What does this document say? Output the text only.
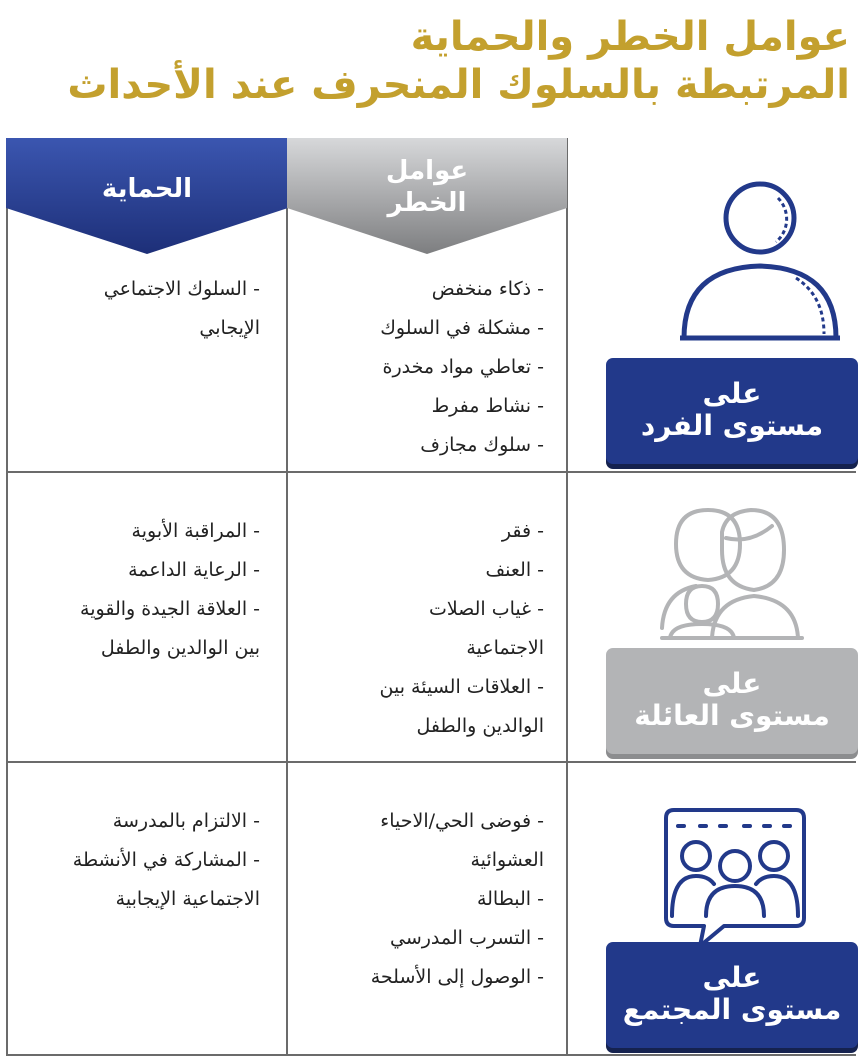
عوامل الخطر والحماية
المرتبطة بالسلوك المنحرف عند الأحداث
الحماية
عوامل
الخطر
على
مستوى الفرد
- ذكاء منخفض
- مشكلة في السلوك
- تعاطي مواد مخدرة
- نشاط مفرط
- سلوك مجازف
- السلوك الاجتماعي
الإيجابي
على
مستوى العائلة
- فقر
- العنف
- غياب الصلات
الاجتماعية
- العلاقات السيئة بين
الوالدين والطفل
- المراقبة الأبوية
- الرعاية الداعمة
- العلاقة الجيدة والقوية
بين الوالدين والطفل
على
مستوى المجتمع
- فوضى الحي/الاحياء
العشوائية
- البطالة
- التسرب المدرسي
- الوصول إلى الأسلحة
- الالتزام بالمدرسة
- المشاركة في الأنشطة
الاجتماعية الإيجابية
